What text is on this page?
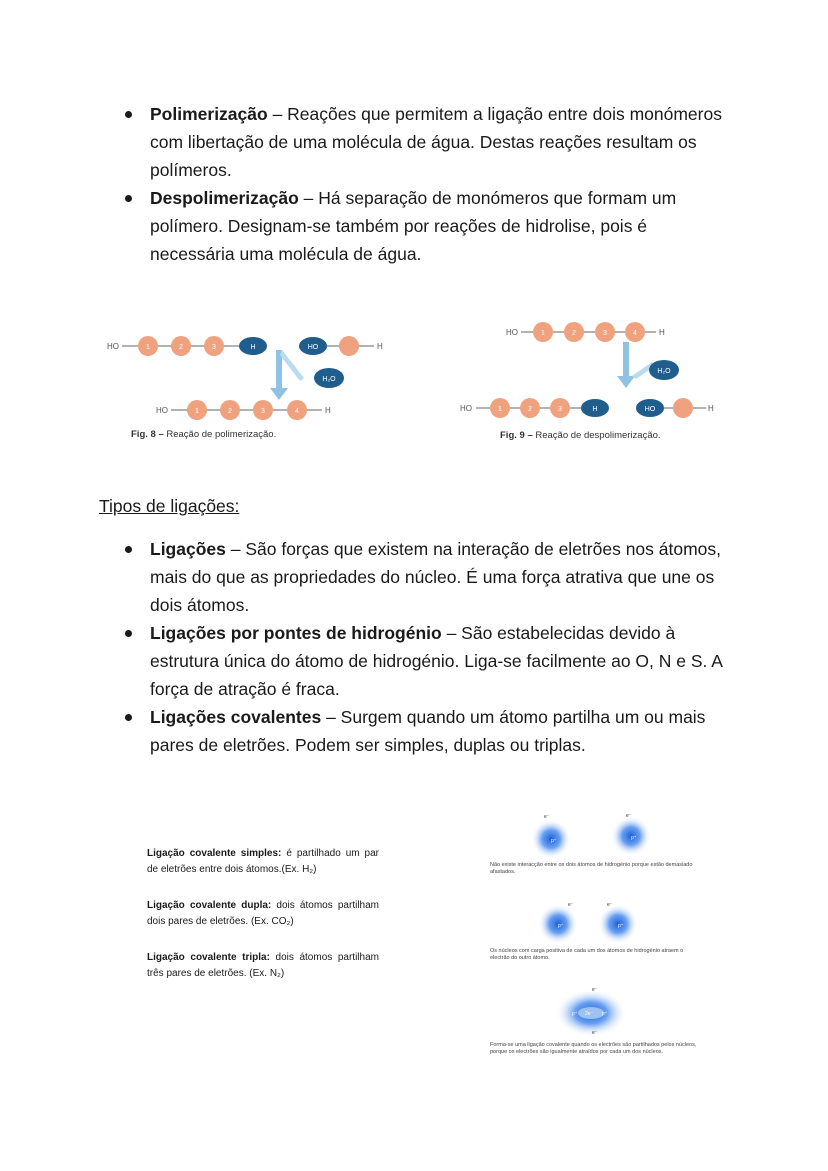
Polimerização – Reações que permitem a ligação entre dois monómeros com libertação de uma molécula de água. Destas reações resultam os polímeros.
Despolimerização – Há separação de monómeros que formam um polímero. Designam-se também por reações de hidrolise, pois é necessária uma molécula de água.
HO	1	2	3	H	HO	H
H₂O
HO	1	2	3	4	H
Fig. 8 – Reação de polimerização.
HO	1	2	3	4	H
H₂O
HO	1	2	3	H	HO	H
Fig. 9 – Reação de despolimerização.
Tipos de ligações:
Ligações – São forças que existem na interação de eletrões nos átomos, mais do que as propriedades do núcleo. É uma força atrativa que une os dois átomos.
Ligações por pontes de hidrogénio – São estabelecidas devido à estrutura única do átomo de hidrogénio. Liga-se facilmente ao O, N e S. A força de atração é fraca.
Ligações covalentes – Surgem quando um átomo partilha um ou mais pares de eletrões. Podem ser simples, duplas ou triplas.

Ligação covalente simples: é partilhado um par de eletrões entre dois átomos.(Ex. H₂)

Ligação covalente dupla: dois átomos partilham dois pares de eletrões. (Ex. CO₂)

Ligação covalente tripla: dois átomos partilham três pares de eletrões. (Ex. N₂)

e⁻	e⁻
p⁺	p⁺
e⁻	e⁻
p⁺	p⁺
e⁻
e⁻
p⁺	p⁺
2e⁻
Não existe interacção entre os dois átomos de hidrogénio porque estão demasiado afastados.
Os núcleos com carga positiva de cada um dos átomos de hidrogénio atraem o electrão do outro átomo.
Forma-se uma ligação covalente quando os electrões são partilhados pelos núcleos, porque os electrões são igualmente atraídos por cada um dos núcleos.
